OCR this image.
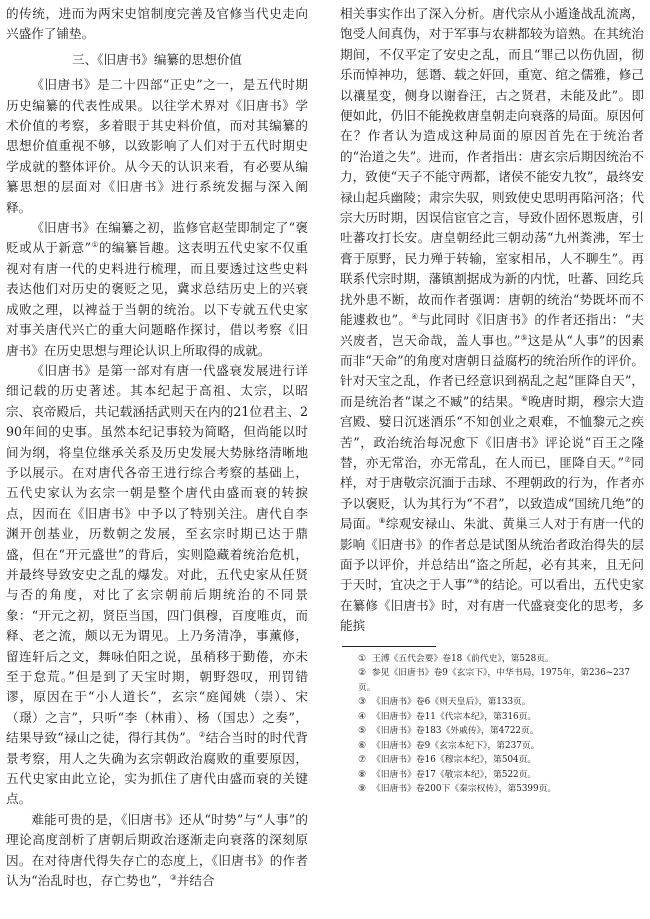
的传统，进而为两宋史馆制度完善及官修当代史走向兴盛作了铺垫。

三、《旧唐书》编纂的思想价值

《旧唐书》是二十四部“正史”之一，是五代时期历史编纂的代表性成果。以往学术界对《旧唐书》学术价值的考察，多着眼于其史料价值，而对其编纂的思想价值重视不够，以致影响了人们对于五代时期史学成就的整体评价。从今天的认识来看，有必要从编纂思想的层面对《旧唐书》进行系统发掘与深入阐释。

《旧唐书》在编纂之初，监修官赵莹即制定了“褒贬或从于新意”①的编纂旨趣。这表明五代史家不仅重视对有唐一代的史料进行梳理，而且要透过这些史料表达他们对历史的褒贬之见，冀求总结历史上的兴衰成败之理，以裨益于当朝的统治。以下专就五代史家对事关唐代兴亡的重大问题略作探讨，借以考察《旧唐书》在历史思想与理论认识上所取得的成就。

《旧唐书》是第一部对有唐一代盛衰发展进行详细记载的历史著述。其本纪起于高祖、太宗，以昭宗、哀帝殿后，共记载涵括武则天在内的21位君主、290年间的史事。虽然本纪记事较为简略，但尚能以时间为纲，将皇位继承关系及历史发展大势脉络清晰地予以展示。在对唐代各帝王进行综合考察的基础上，五代史家认为玄宗一朝是整个唐代由盛而衰的转捩点，因而在《旧唐书》中予以了特别关注。唐代自李渊开创基业，历数朝之发展，至玄宗时期已达于鼎盛，但在“开元盛世”的背后，实则隐藏着统治危机，并最终导致安史之乱的爆发。对此，五代史家从任贤与否的角度，对比了玄宗朝前后期统治的不同景象：“开元之初，贤臣当国，四门俱穆，百度唯贞，而释、老之流，颇以无为谓见。上乃务清净，事薰修，留连轩后之文，舞咏伯阳之说，虽稍移于勤倦，亦未至于怠荒。”但是到了天宝时期，朝野怨叹，刑罚错谬，原因在于“小人道长”，玄宗“庭闻姚（崇）、宋（璟）之言”，只听“李（林甫）、杨（国忠）之奏”，结果导致“禄山之徒，得行其伪”。②结合当时的时代背景考察，用人之失确为玄宗朝政治腐败的重要原因，五代史家由此立论，实为抓住了唐代由盛而衰的关键点。

难能可贵的是，《旧唐书》还从“时势”与“人事”的理论高度剖析了唐朝后期政治逐渐走向衰落的深刻原因。在对待唐代得失存亡的态度上，《旧唐书》的作者认为“治乱时也，存亡势也”，③并结合

相关事实作出了深入分析。唐代宗从小遁逢战乱流离，饱受人间真伪，对于军事与农耕都较为谙熟。在其统治期间，不仅平定了安史之乱，而且“罪己以伤仇固，彻乐而悼神功，惩谮、载之奸回，重宽、绾之儒雅，修己以禳星变，侧身以谢眷汪，古之贤君，未能及此”。即便如此，仍旧不能挽救唐皇朝走向衰落的局面。原因何在？作者认为造成这种局面的原因首先在于统治者的“治道之失”。进而，作者指出：唐玄宗后期因统治不力，致使“天子不能守两都，诸侯不能安九牧”，最终安禄山起兵幽陵；肃宗失驭，则致使史思明再陷河洛；代宗大历时期，因误信宦官之言，导致仆固怀恩叛唐，引吐蕃攻打长安。唐皇朝经此三朝动荡“九州粪沸，军士膏于原野，民力殚于转输，室家相吊，人不聊生”。再联系代宗时期，藩镇割据成为新的内忧，吐蕃、回纥兵扰外患不断，故而作者强调：唐朝的统治“势既坏而不能遽救也”。④与此同时《旧唐书》的作者还指出：“夫兴废者，岂天命哉，盖人事也。”⑤这是从“人事”的因素而非“天命”的角度对唐朝日益腐朽的统治所作的评价。针对天宝之乱，作者已经意识到祸乱之起“匪降自天”，而是统治者“谋之不臧”的结果。⑥晚唐时期，穆宗大造宫殿、嬖日沉迷酒乐“不知创业之艰难，不恤黎元之疾苦”，政治统治每况愈下《旧唐书》评论说“百王之隆替，亦无常治，亦无常乱，在人而已，匪降自天。”⑦同样，对于唐敬宗沉湎于击球、不理朝政的行为，作者亦予以褒贬，认为其行为“不君”，以致造成“国统几绝”的局面。⑧综观安禄山、朱泚、黄巢三人对于有唐一代的影响《旧唐书》的作者总是试图从统治者政治得失的层面予以评价，并总结出“盗之所起，必有其来，且无问于天时，宜决之于人事”⑨的结论。可以看出，五代史家在纂修《旧唐书》时，对有唐一代盛衰变化的思考，多能摈

① 王溥《五代会要》卷18《前代史》，第528页。
② 参见《旧唐书》卷9《玄宗下》，中华书局，1975年，第236~237页。
③ 《旧唐书》卷6《则天皇后》，第133页。
④ 《旧唐书》卷11《代宗本纪》，第316页。
⑤ 《旧唐书》卷183《外戚传》，第4722页。
⑥ 《旧唐书》卷9《玄宗本纪下》，第237页。
⑦ 《旧唐书》卷16《穆宗本纪》，第504页。
⑧ 《旧唐书》卷17《敬宗本纪》，第522页。
⑨ 《旧唐书》卷200下《秦宗权传》，第5399页。
